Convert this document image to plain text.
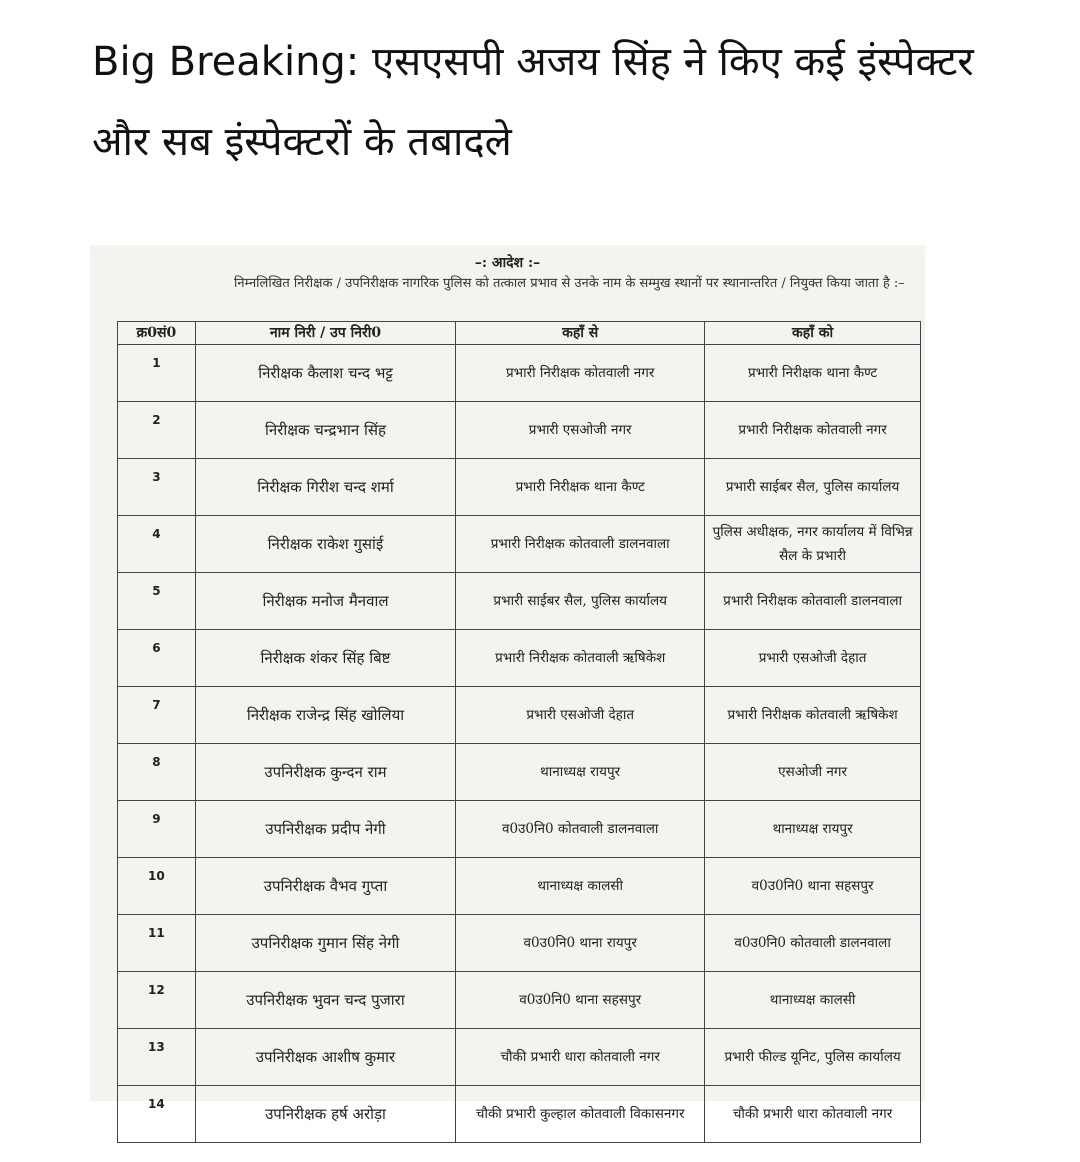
Big Breaking: एसएसपी अजय सिंह ने किए कई इंस्पेक्टर और सब इंस्पेक्टरों के तबादले
–: आदेश :–
निम्नलिखित निरीक्षक / उपनिरीक्षक नागरिक पुलिस को तत्काल प्रभाव से उनके नाम के सम्मुख स्थानों पर स्थानान्तरित / नियुक्त किया जाता है :–
क्र0सं0	नाम निरी / उप निरी0	कहाँ से	कहाँ को
1	निरीक्षक कैलाश चन्द भट्ट	प्रभारी निरीक्षक कोतवाली नगर	प्रभारी निरीक्षक थाना कैण्ट
2	निरीक्षक चन्द्रभान सिंह	प्रभारी एसओजी नगर	प्रभारी निरीक्षक कोतवाली नगर
3	निरीक्षक गिरीश चन्द शर्मा	प्रभारी निरीक्षक थाना कैण्ट	प्रभारी साईबर सैल, पुलिस कार्यालय
4	निरीक्षक राकेश गुसांई	प्रभारी निरीक्षक कोतवाली डालनवाला	पुलिस अधीक्षक, नगर कार्यालय में विभिन्न सैल के प्रभारी
5	निरीक्षक मनोज मैनवाल	प्रभारी साईबर सैल, पुलिस कार्यालय	प्रभारी निरीक्षक कोतवाली डालनवाला
6	निरीक्षक शंकर सिंह बिष्ट	प्रभारी निरीक्षक कोतवाली ऋषिकेश	प्रभारी एसओजी देहात
7	निरीक्षक राजेन्द्र सिंह खोलिया	प्रभारी एसओजी देहात	प्रभारी निरीक्षक कोतवाली ऋषिकेश
8	उपनिरीक्षक कुन्दन राम	थानाध्यक्ष रायपुर	एसओजी नगर
9	उपनिरीक्षक प्रदीप नेगी	व0उ0नि0 कोतवाली डालनवाला	थानाध्यक्ष रायपुर
10	उपनिरीक्षक वैभव गुप्ता	थानाध्यक्ष कालसी	व0उ0नि0 थाना सहसपुर
11	उपनिरीक्षक गुमान सिंह नेगी	व0उ0नि0 थाना रायपुर	व0उ0नि0 कोतवाली डालनवाला
12	उपनिरीक्षक भुवन चन्द पुजारा	व0उ0नि0 थाना सहसपुर	थानाध्यक्ष कालसी
13	उपनिरीक्षक आशीष कुमार	चौकी प्रभारी धारा कोतवाली नगर	प्रभारी फील्ड यूनिट, पुलिस कार्यालय
14	उपनिरीक्षक हर्ष अरोड़ा	चौकी प्रभारी कुल्हाल कोतवाली विकासनगर	चौकी प्रभारी धारा कोतवाली नगर
